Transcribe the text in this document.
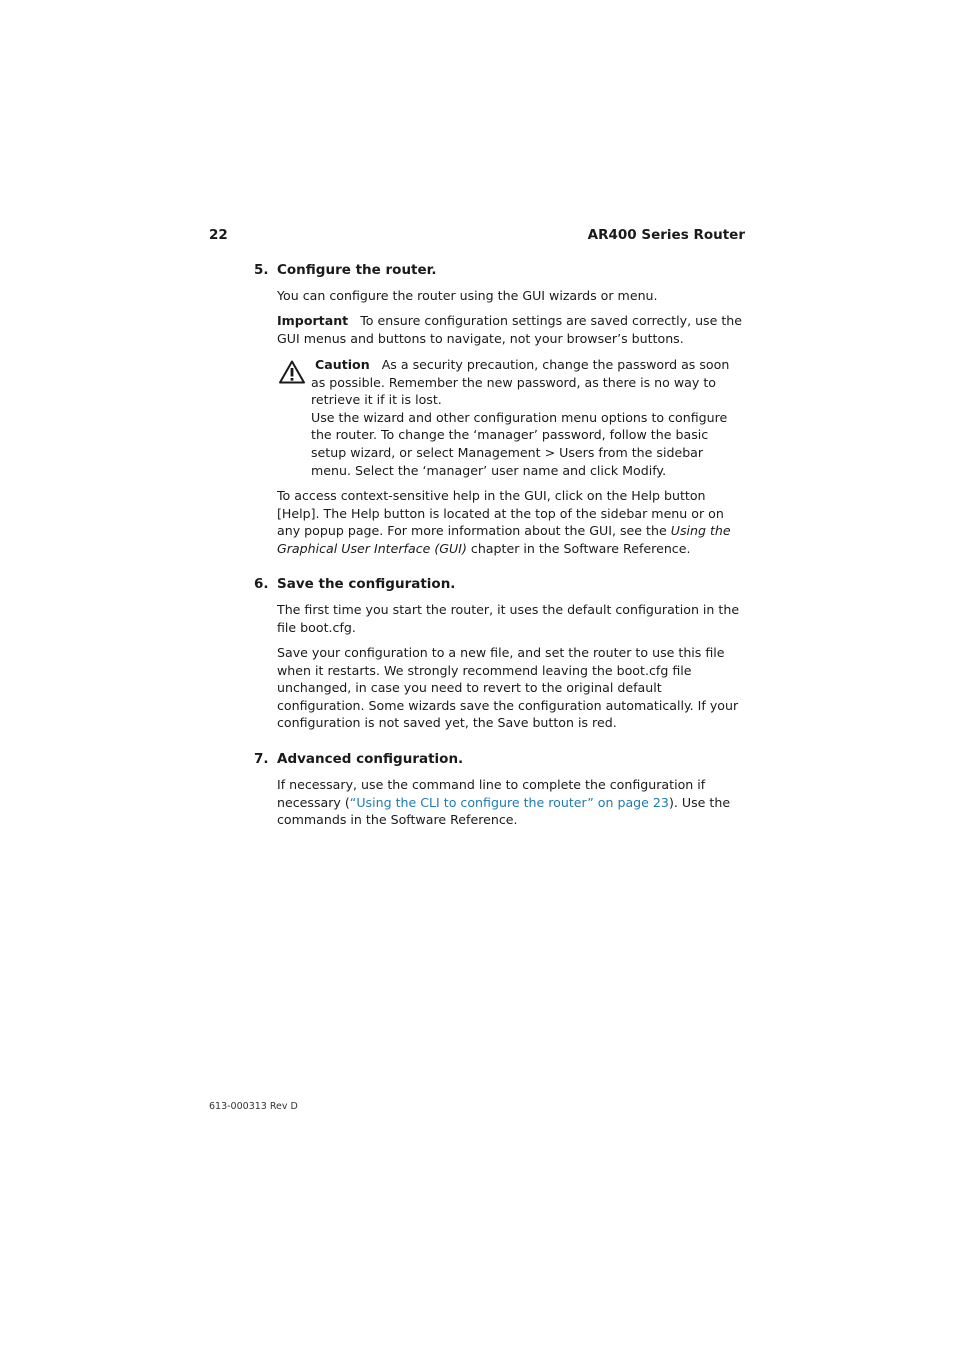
22	AR400 Series Router
5. Configure the router.

You can configure the router using the GUI wizards or menu.

Important To ensure configuration settings are saved correctly, use the GUI menus and buttons to navigate, not your browser’s buttons.

Caution As a security precaution, change the password as soon as possible. Remember the new password, as there is no way to retrieve it if it is lost.
Use the wizard and other configuration menu options to configure the router. To change the ‘manager’ password, follow the basic setup wizard, or select Management > Users from the sidebar menu. Select the ‘manager’ user name and click Modify.

To access context-sensitive help in the GUI, click on the Help button [Help]. The Help button is located at the top of the sidebar menu or on any popup page. For more information about the GUI, see the Using the Graphical User Interface (GUI) chapter in the Software Reference.

6. Save the configuration.

The first time you start the router, it uses the default configuration in the file boot.cfg.

Save your configuration to a new file, and set the router to use this file when it restarts. We strongly recommend leaving the boot.cfg file unchanged, in case you need to revert to the original default configuration. Some wizards save the configuration automatically. If your configuration is not saved yet, the Save button is red.

7. Advanced configuration.

If necessary, use the command line to complete the configuration if necessary (“Using the CLI to configure the router” on page 23). Use the commands in the Software Reference.

613-000313 Rev D
